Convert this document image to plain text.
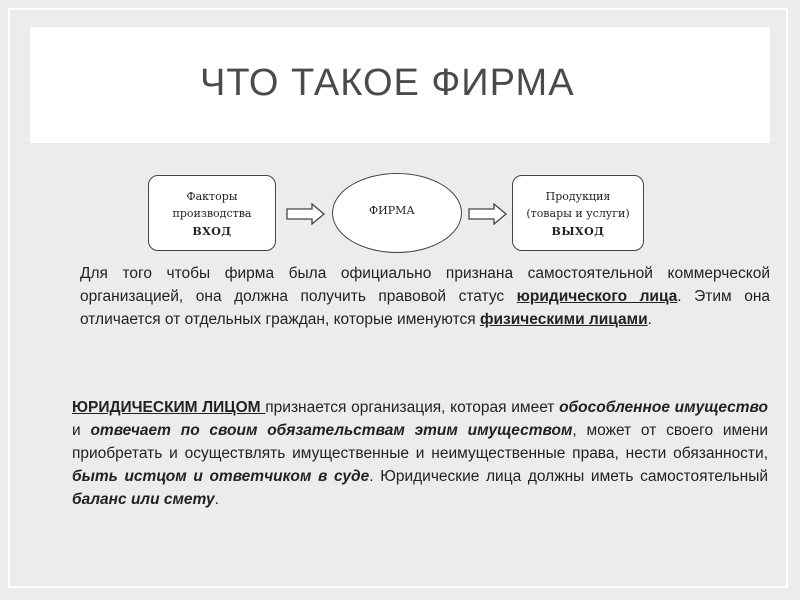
ЧТО ТАКОЕ ФИРМА
Факторы
производства
ВХОД
ФИРМА
Продукция
(товары и услуги)
ВЫХОД
Для того чтобы фирма была официально признана самостоятельной коммерческой организацией, она должна получить правовой статус юридического лица. Этим она отличается от отдельных граждан, которые именуются физическими лицами.
ЮРИДИЧЕСКИМ ЛИЦОМ признается организация, которая имеет обособленное имущество и отвечает по своим обязательствам этим имуществом, может от своего имени приобретать и осуществлять имущественные и неимущественные права, нести обязанности, быть истцом и ответчиком в суде. Юридические лица должны иметь самостоятельный баланс или смету.
